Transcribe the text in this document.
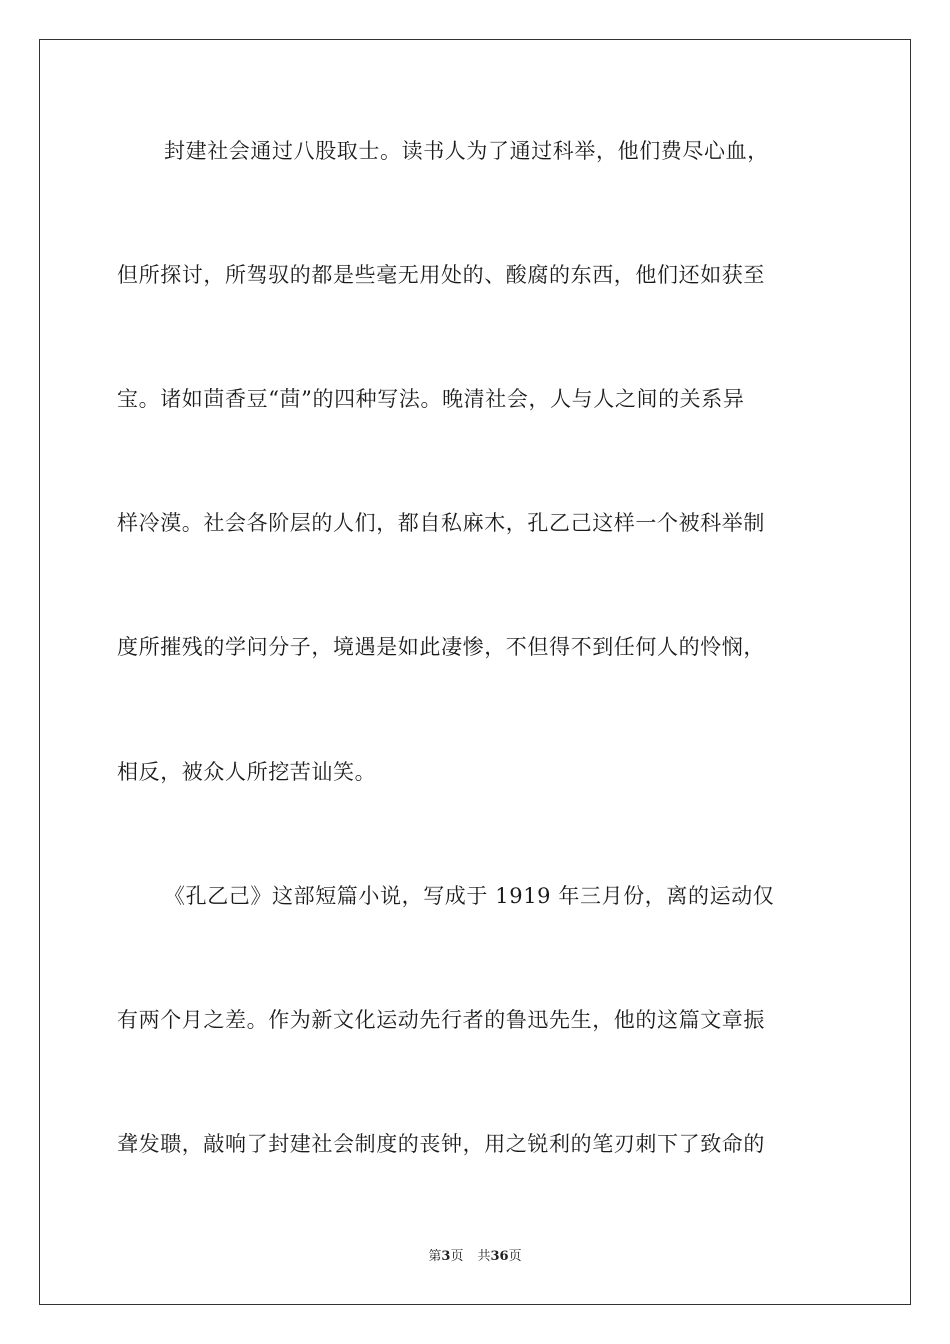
封建社会通过八股取士。读书人为了通过科举，他们费尽心血，
但所探讨，所驾驭的都是些毫无用处的、酸腐的东西，他们还如获至
宝。诸如茴香豆“茴”的四种写法。晚清社会，人与人之间的关系异
样冷漠。社会各阶层的人们，都自私麻木，孔乙己这样一个被科举制
度所摧残的学问分子，境遇是如此凄惨，不但得不到任何人的怜悯，
相反，被众人所挖苦讪笑。
《孔乙己》这部短篇小说，写成于 1919 年三月份，离的运动仅
有两个月之差。作为新文化运动先行者的鲁迅先生，他的这篇文章振
聋发聩，敲响了封建社会制度的丧钟，用之锐利的笔刃刺下了致命的
第3页 共36页
